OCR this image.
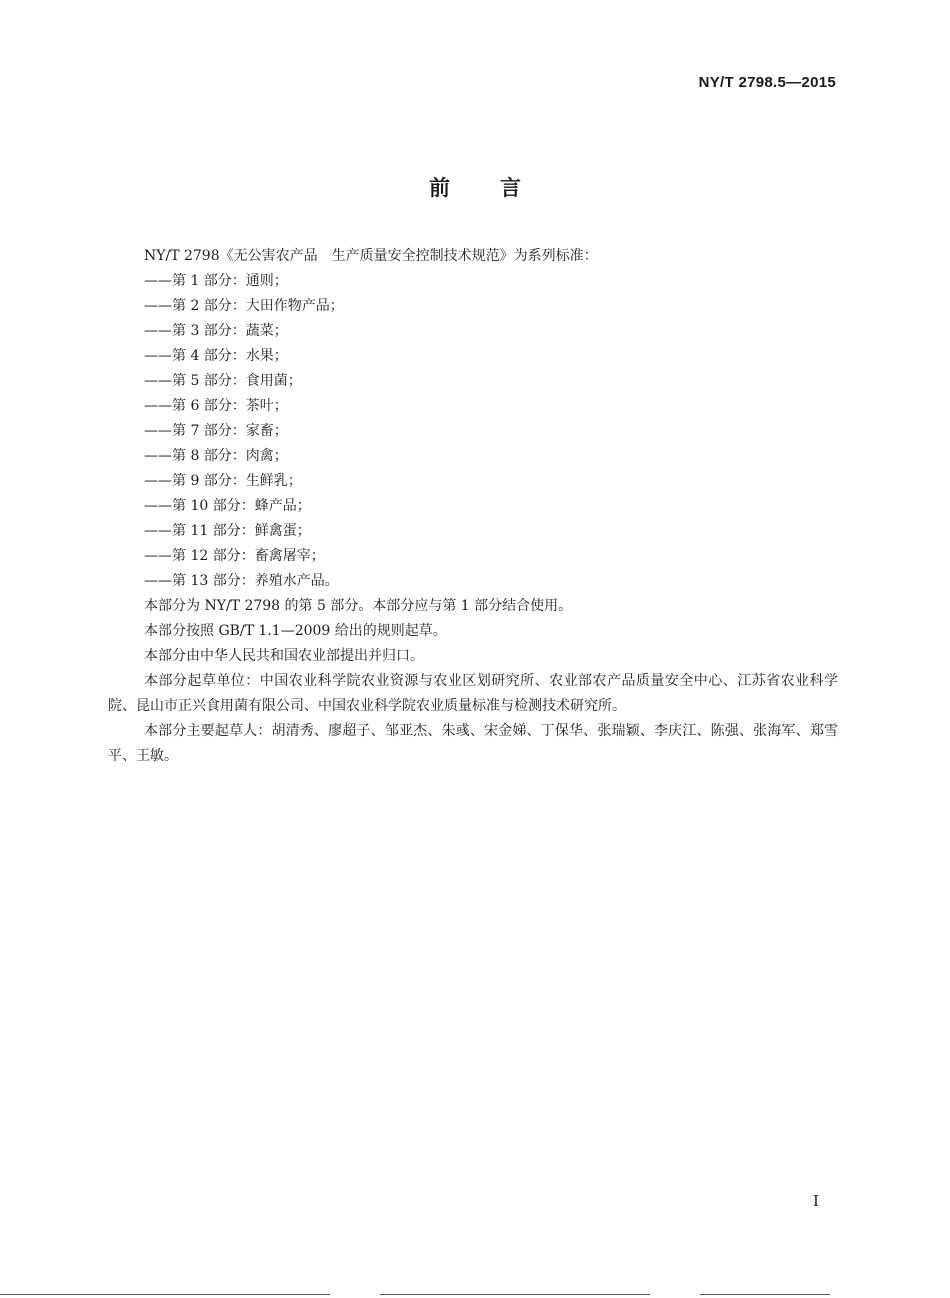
NY/T 2798.5—2015
前言

NY/T 2798《无公害农产品　生产质量安全控制技术规范》为系列标准：

——第 1 部分：通则；
——第 2 部分：大田作物产品；
——第 3 部分：蔬菜；
——第 4 部分：水果；
——第 5 部分：食用菌；
——第 6 部分：茶叶；
——第 7 部分：家畜；
——第 8 部分：肉禽；
——第 9 部分：生鲜乳；
——第 10 部分：蜂产品；
——第 11 部分：鲜禽蛋；
——第 12 部分：畜禽屠宰；
——第 13 部分：养殖水产品。

本部分为 NY/T 2798 的第 5 部分。本部分应与第 1 部分结合使用。

本部分按照 GB/T 1.1—2009 给出的规则起草。

本部分由中华人民共和国农业部提出并归口。

本部分起草单位：中国农业科学院农业资源与农业区划研究所、农业部农产品质量安全中心、江苏省农业科学院、昆山市正兴食用菌有限公司、中国农业科学院农业质量标准与检测技术研究所。

本部分主要起草人：胡清秀、廖超子、邹亚杰、朱彧、宋金娣、丁保华、张瑞颖、李庆江、陈强、张海军、郑雪平、王敏。

I
